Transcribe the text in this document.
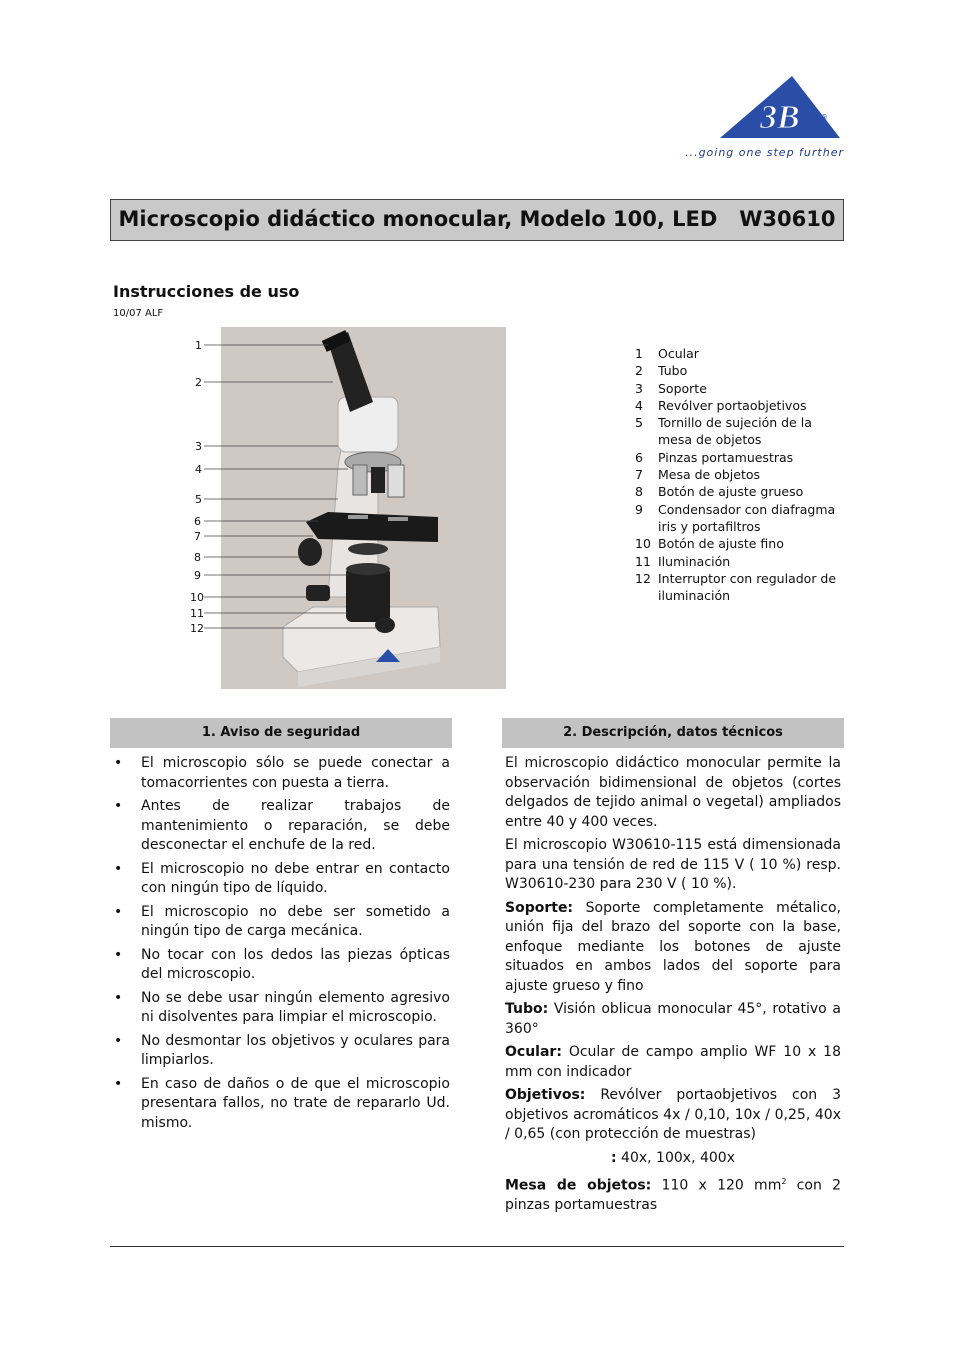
3B	®
...going one step further
Microscopio didáctico monocular, Modelo 100, LED   W30610
Instrucciones de uso
10/07 ALF
1
2
3
4
5
6
7
8
9
10
11
12
1	Ocular
2	Tubo
3	Soporte
4	Revólver portaobjetivos
5	Tornillo de sujeción de la mesa de objetos
6	Pinzas portamuestras
7	Mesa de objetos
8	Botón de ajuste grueso
9	Condensador con diafragma iris y portafiltros
10 Botón de ajuste fino
11 Iluminación
12 Interruptor con regulador de iluminación
1. Aviso de seguridad
•	El microscopio sólo se puede conectar a tomacorrientes con puesta a tierra.
•	Antes de realizar trabajos de mantenimiento o reparación, se debe desconectar el enchufe de la red.
•	El microscopio no debe entrar en contacto con ningún tipo de líquido.
•	El microscopio no debe ser sometido a ningún tipo de carga mecánica.
•	No tocar con los dedos las piezas ópticas del microscopio.
•	No se debe usar ningún elemento agresivo ni disolventes para limpiar el microscopio.
•	No desmontar los objetivos y oculares para limpiarlos.
•	En caso de daños o de que el microscopio presentara fallos, no trate de repararlo Ud. mismo.
2. Descripción, datos técnicos

El microscopio didáctico monocular permite la observación bidimensional de objetos (cortes delgados de tejido animal o vegetal) ampliados entre 40 y 400 veces.

El microscopio W30610-115 está dimensionada para una tensión de red de 115 V ( 10 %) resp. W30610-230 para 230 V ( 10 %).

Soporte: Soporte completamente métalico, unión fija del brazo del soporte con la base, enfoque mediante los botones de ajuste situados en ambos lados del soporte para ajuste grueso y fino

Tubo: Visión oblicua monocular 45°, rotativo a 360°

Ocular: Ocular de campo amplio WF 10 x 18 mm con indicador

Objetivos: Revólver portaobjetivos con 3 objetivos acromáticos 4x / 0,10, 10x / 0,25, 40x / 0,65 (con protección de muestras)

: 40x, 100x, 400x

Mesa de objetos: 110 x 120 $mm^2$ con 2 pinzas portamuestras
